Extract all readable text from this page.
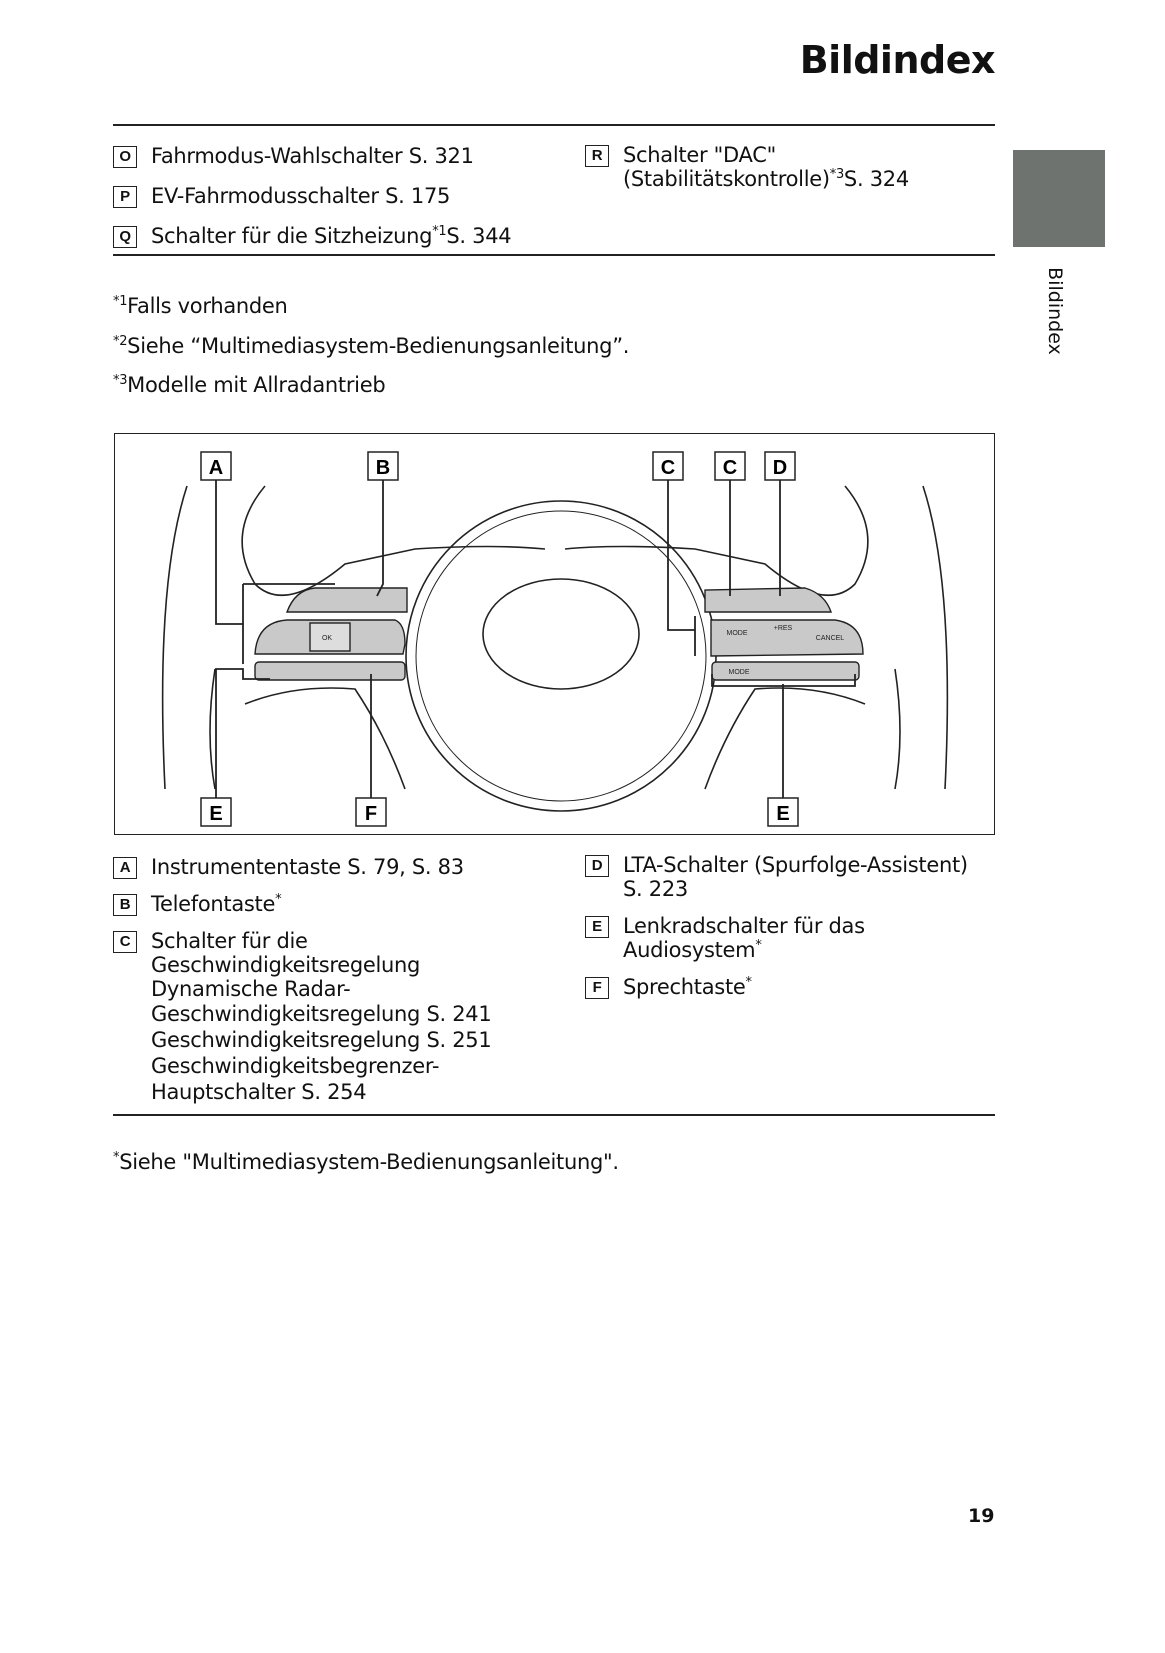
Bildindex
Bildindex
O Fahrmodus-Wahlschalter S. 321
P	EV-Fahrmodusschalter S. 175
Q Schalter für die Sitzheizung$^{*1}$S. 344
R Schalter "DAC"
(Stabilitätskontrolle)$^{*3}$S. 324
$^{*1}$Falls vorhanden
$^{*2}$Siehe “Multimediasystem-Bedienungsanleitung”.
$^{*3}$Modelle mit Allradantrieb
OK
MODE
+RES
CANCEL
MODE
A	B	C C D
E	F	E
A Instrumententaste S. 79, S. 83
B Telefontaste*
C Schalter für die
Geschwindigkeitsregelung
Dynamische Radar-
Geschwindigkeitsregelung S. 241
Geschwindigkeitsregelung S. 251
Geschwindigkeitsbegrenzer-
Hauptschalter S. 254
D LTA-Schalter (Spurfolge-Assistent)
S. 223
E	Lenkradschalter für das
Audiosystem*
F	Sprechtaste*
*Siehe "Multimediasystem-Bedienungsanleitung".
19
